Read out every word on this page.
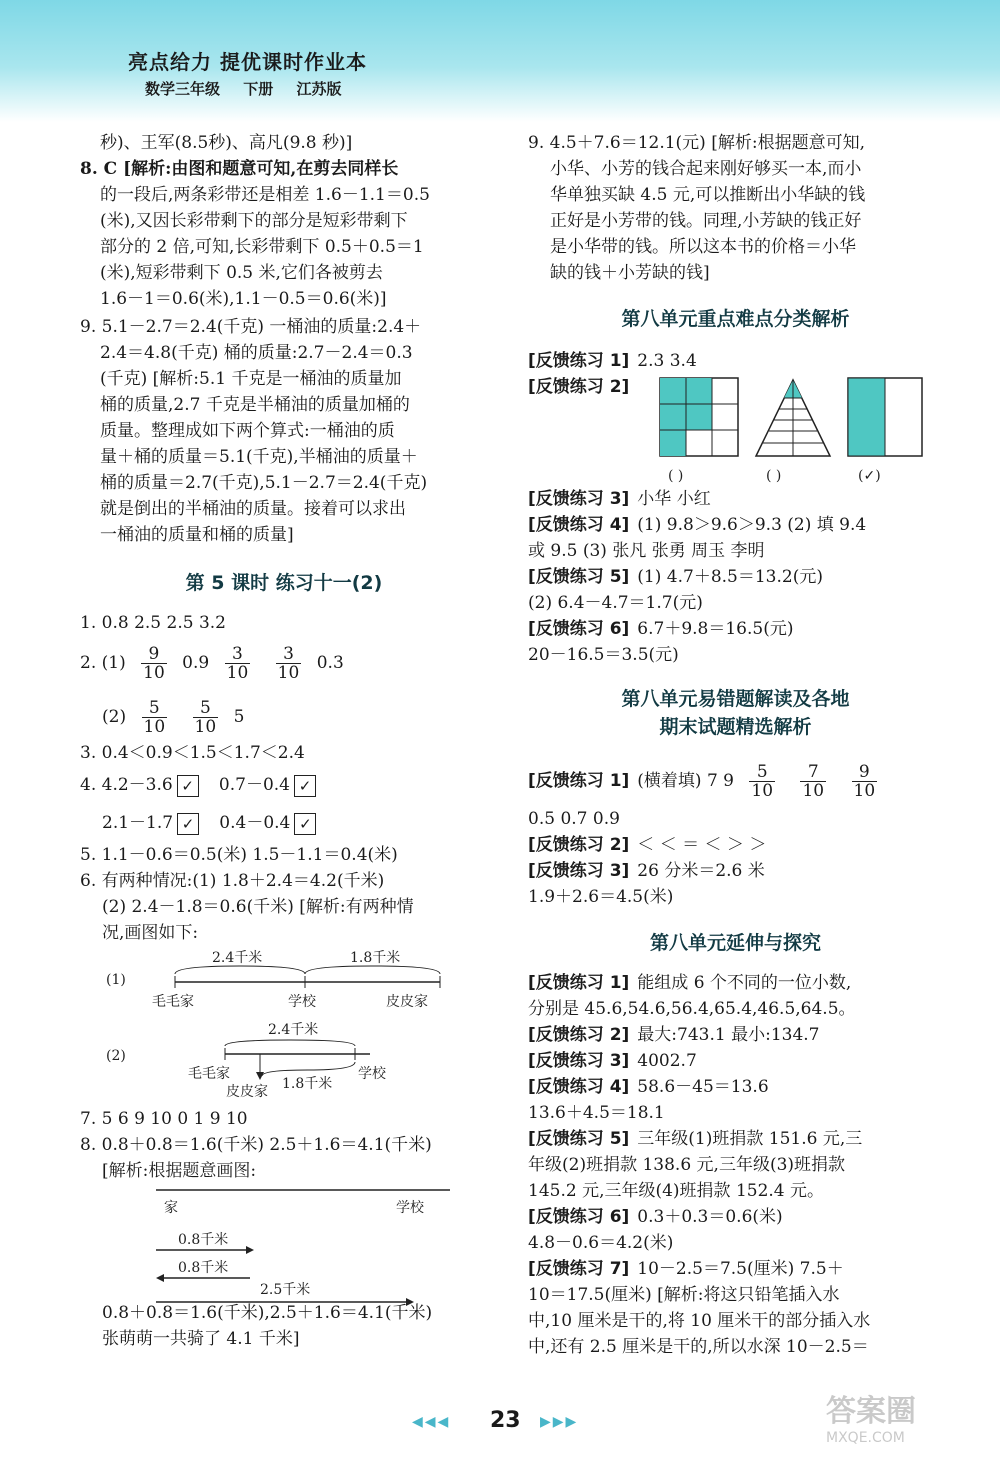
亮点给力 提优课时作业本
数学三年级 下册 江苏版
秒)、王军(8.5秒)、高凡(9.8 秒)]
8. C [解析:由图和题意可知,在剪去同样长
的一段后,两条彩带还是相差 1.6－1.1＝0.5
(米),又因长彩带剩下的部分是短彩带剩下
部分的 2 倍,可知,长彩带剩下 0.5＋0.5＝1
(米),短彩带剩下 0.5 米,它们各被剪去
1.6－1＝0.6(米),1.1－0.5＝0.6(米)]
9. 5.1－2.7＝2.4(千克) 一桶油的质量:2.4＋
2.4＝4.8(千克) 桶的质量:2.7－2.4＝0.3
(千克) [解析:5.1 千克是一桶油的质量加
桶的质量,2.7 千克是半桶油的质量加桶的
质量。整理成如下两个算式:一桶油的质
量＋桶的质量＝5.1(千克),半桶油的质量＋
桶的质量＝2.7(千克),5.1－2.7＝2.4(千克)
就是倒出的半桶油的质量。接着可以求出
一桶油的质量和桶的质量]
第 5 课时 练习十一(2)
1. 0.8 2.5 2.5 3.2
2. $(1) \frac{9}{10} 0.9 \frac{3}{10}$
$\frac{3}{10} 0.3$
$(2) \frac{5}{10}$
$\frac{5}{10} 5$
3. 0.4＜0.9＜1.5＜1.7＜2.4
4. 4.2－3.6 ✓ 0.7－0.4 ✓
2.1－1.7 ✓ 0.4－0.4 ✓
5. 1.1－0.6＝0.5(米) 1.5－1.1＝0.4(米)
6. 有两种情况:(1) 1.8＋2.4＝4.2(千米)
(2) 2.4－1.8＝0.6(千米) [解析:有两种情
况,画图如下:
(1)
2.4千米	1.8千米
毛毛家	学校	皮皮家
(2)
2.4千米
毛毛家
皮皮家 1.8千米
学校
7. 5 6 9 10 0 1 9 10
8. 0.8＋0.8＝1.6(千米) 2.5＋1.6＝4.1(千米)
[解析:根据题意画图:
家	学校
0.8千米
0.8千米
2.5千米
0.8＋0.8＝1.6(千米),2.5＋1.6＝4.1(千米)
张萌萌一共骑了 4.1 千米]
9. 4.5＋7.6＝12.1(元) [解析:根据题意可知,
小华、小芳的钱合起来刚好够买一本,而小
华单独买缺 4.5 元,可以推断出小华缺的钱
正好是小芳带的钱。同理,小芳缺的钱正好
是小华带的钱。所以这本书的价格＝小华
缺的钱＋小芳缺的钱]
第八单元重点难点分类解析
[反馈练习 1] 2.3 3.4
[反馈练习 2]
( )	( )	(✓)
[反馈练习 3] 小华 小红
[反馈练习 4] (1) 9.8＞9.6＞9.3 (2) 填 9.4
或 9.5 (3) 张凡 张勇 周玉 李明
[反馈练习 5] (1) 4.7＋8.5＝13.2(元)
(2) 6.4－4.7＝1.7(元)
[反馈练习 6] 6.7＋9.8＝16.5(元)
20－16.5＝3.5(元)
第八单元易错题解读及各地
期末试题精选解析
[反馈练习 1] (横着填) 7 $9 \frac{5}{10}$
$\frac{7}{10}$
$\frac{9}{10}$
0.5 0.7 0.9
[反馈练习 2] ＜ ＜ ＝ ＜ ＞ ＞
[反馈练习 3] 26 分米＝2.6 米
1.9＋2.6＝4.5(米)
第八单元延伸与探究
[反馈练习 1] 能组成 6 个不同的一位小数,
分别是 45.6,54.6,56.4,65.4,46.5,64.5。
[反馈练习 2] 最大:743.1 最小:134.7
[反馈练习 3] 4002.7
[反馈练习 4] 58.6－45＝13.6
13.6＋4.5＝18.1
[反馈练习 5] 三年级(1)班捐款 151.6 元,三
年级(2)班捐款 138.6 元,三年级(3)班捐款
145.2 元,三年级(4)班捐款 152.4 元。
[反馈练习 6] 0.3＋0.3＝0.6(米)
4.8－0.6＝4.2(米)
[反馈练习 7] 10－2.5＝7.5(厘米) 7.5＋
10＝17.5(厘米) [解析:将这只铅笔插入水
中,10 厘米是干的,将 10 厘米干的部分插入水
中,还有 2.5 厘米是干的,所以水深 10－2.5＝
◀◀◀ 23 ▶▶▶	答案圈
MXQE.COM
